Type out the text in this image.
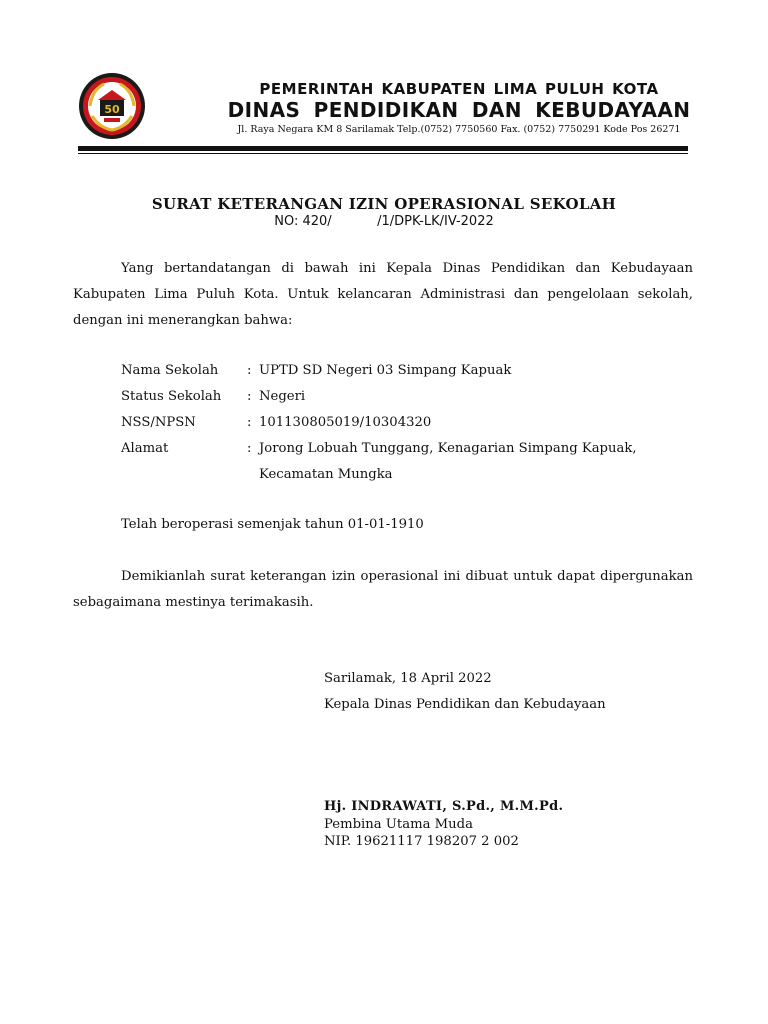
50
PEMERINTAH KABUPATEN LIMA PULUH KOTA
DINAS PENDIDIKAN DAN KEBUDAYAAN
Jl. Raya Negara KM 8 Sarilamak Telp.(0752) 7750560 Fax. (0752) 7750291 Kode Pos 26271
SURAT KETERANGAN IZIN OPERASIONAL SEKOLAH
NO: 420/           /1/DPK-LK/IV-2022

Yang bertandatangan di bawah ini Kepala Dinas Pendidikan dan Kebudayaan Kabupaten Lima Puluh Kota. Untuk kelancaran Administrasi dan pengelolaan sekolah, dengan ini menerangkan bahwa:

Nama Sekolah	: UPTD SD Negeri 03 Simpang Kapuak
Status Sekolah	: Negeri
NSS/NPSN	: 101130805019/10304320
Alamat	: Jorong Lobuah Tunggang, Kenagarian Simpang Kapuak, Kecamatan Mungka
Telah beroperasi semenjak tahun 01-01-1910

Demikianlah surat keterangan izin operasional ini dibuat untuk dapat dipergunakan sebagaimana mestinya terimakasih.

Sarilamak, 18 April 2022
Kepala Dinas Pendidikan dan Kebudayaan
Hj. INDRAWATI, S.Pd., M.M.Pd.
Pembina Utama Muda
NIP. 19621117 198207 2 002
